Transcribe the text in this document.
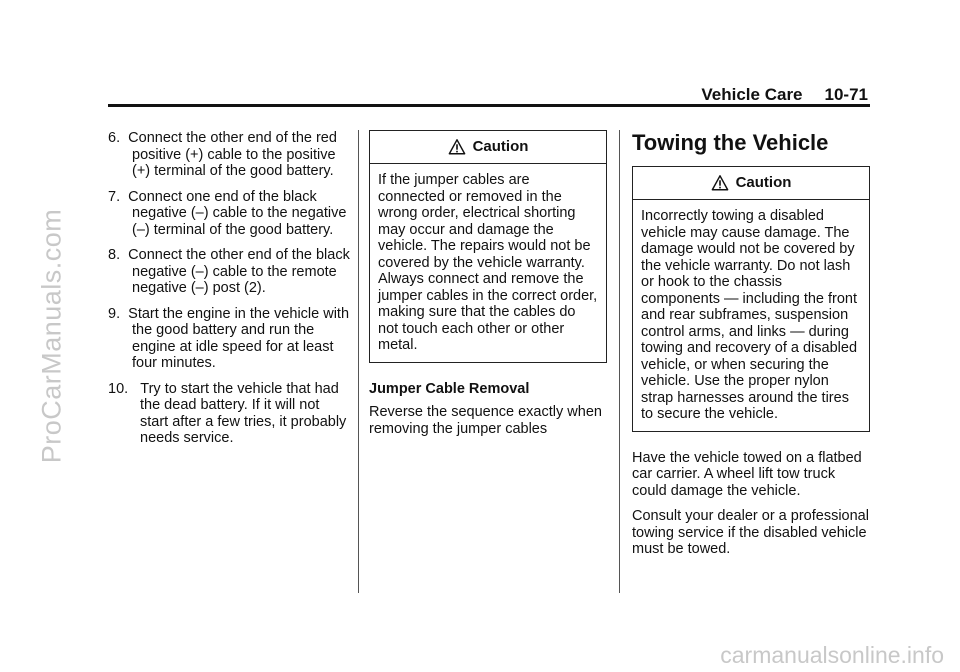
ProCarManuals.com
carmanualsonline.info
Vehicle Care 10-71
6. Connect the other end of the red positive (+) cable to the positive (+) terminal of the good battery.
7. Connect one end of the black negative (–) cable to the negative (–) terminal of the good battery.
8. Connect the other end of the black negative (–) cable to the remote negative (–) post (2).
9. Start the engine in the vehicle with the good battery and run the engine at idle speed for at least four minutes.
10. Try to start the vehicle that had the dead battery. If it will not start after a few tries, it probably needs service.
Caution
If the jumper cables are connected or removed in the wrong order, electrical shorting may occur and damage the vehicle. The repairs would not be covered by the vehicle warranty. Always connect and remove the jumper cables in the correct order, making sure that the cables do not touch each other or other metal.
Jumper Cable Removal
Reverse the sequence exactly when removing the jumper cables
Towing the Vehicle
Caution
Incorrectly towing a disabled vehicle may cause damage. The damage would not be covered by the vehicle warranty. Do not lash or hook to the chassis components — including the front and rear subframes, suspension control arms, and links — during towing and recovery of a disabled vehicle, or when securing the vehicle. Use the proper nylon strap harnesses around the tires to secure the vehicle.
Have the vehicle towed on a flatbed car carrier. A wheel lift tow truck could damage the vehicle.
Consult your dealer or a professional towing service if the disabled vehicle must be towed.
